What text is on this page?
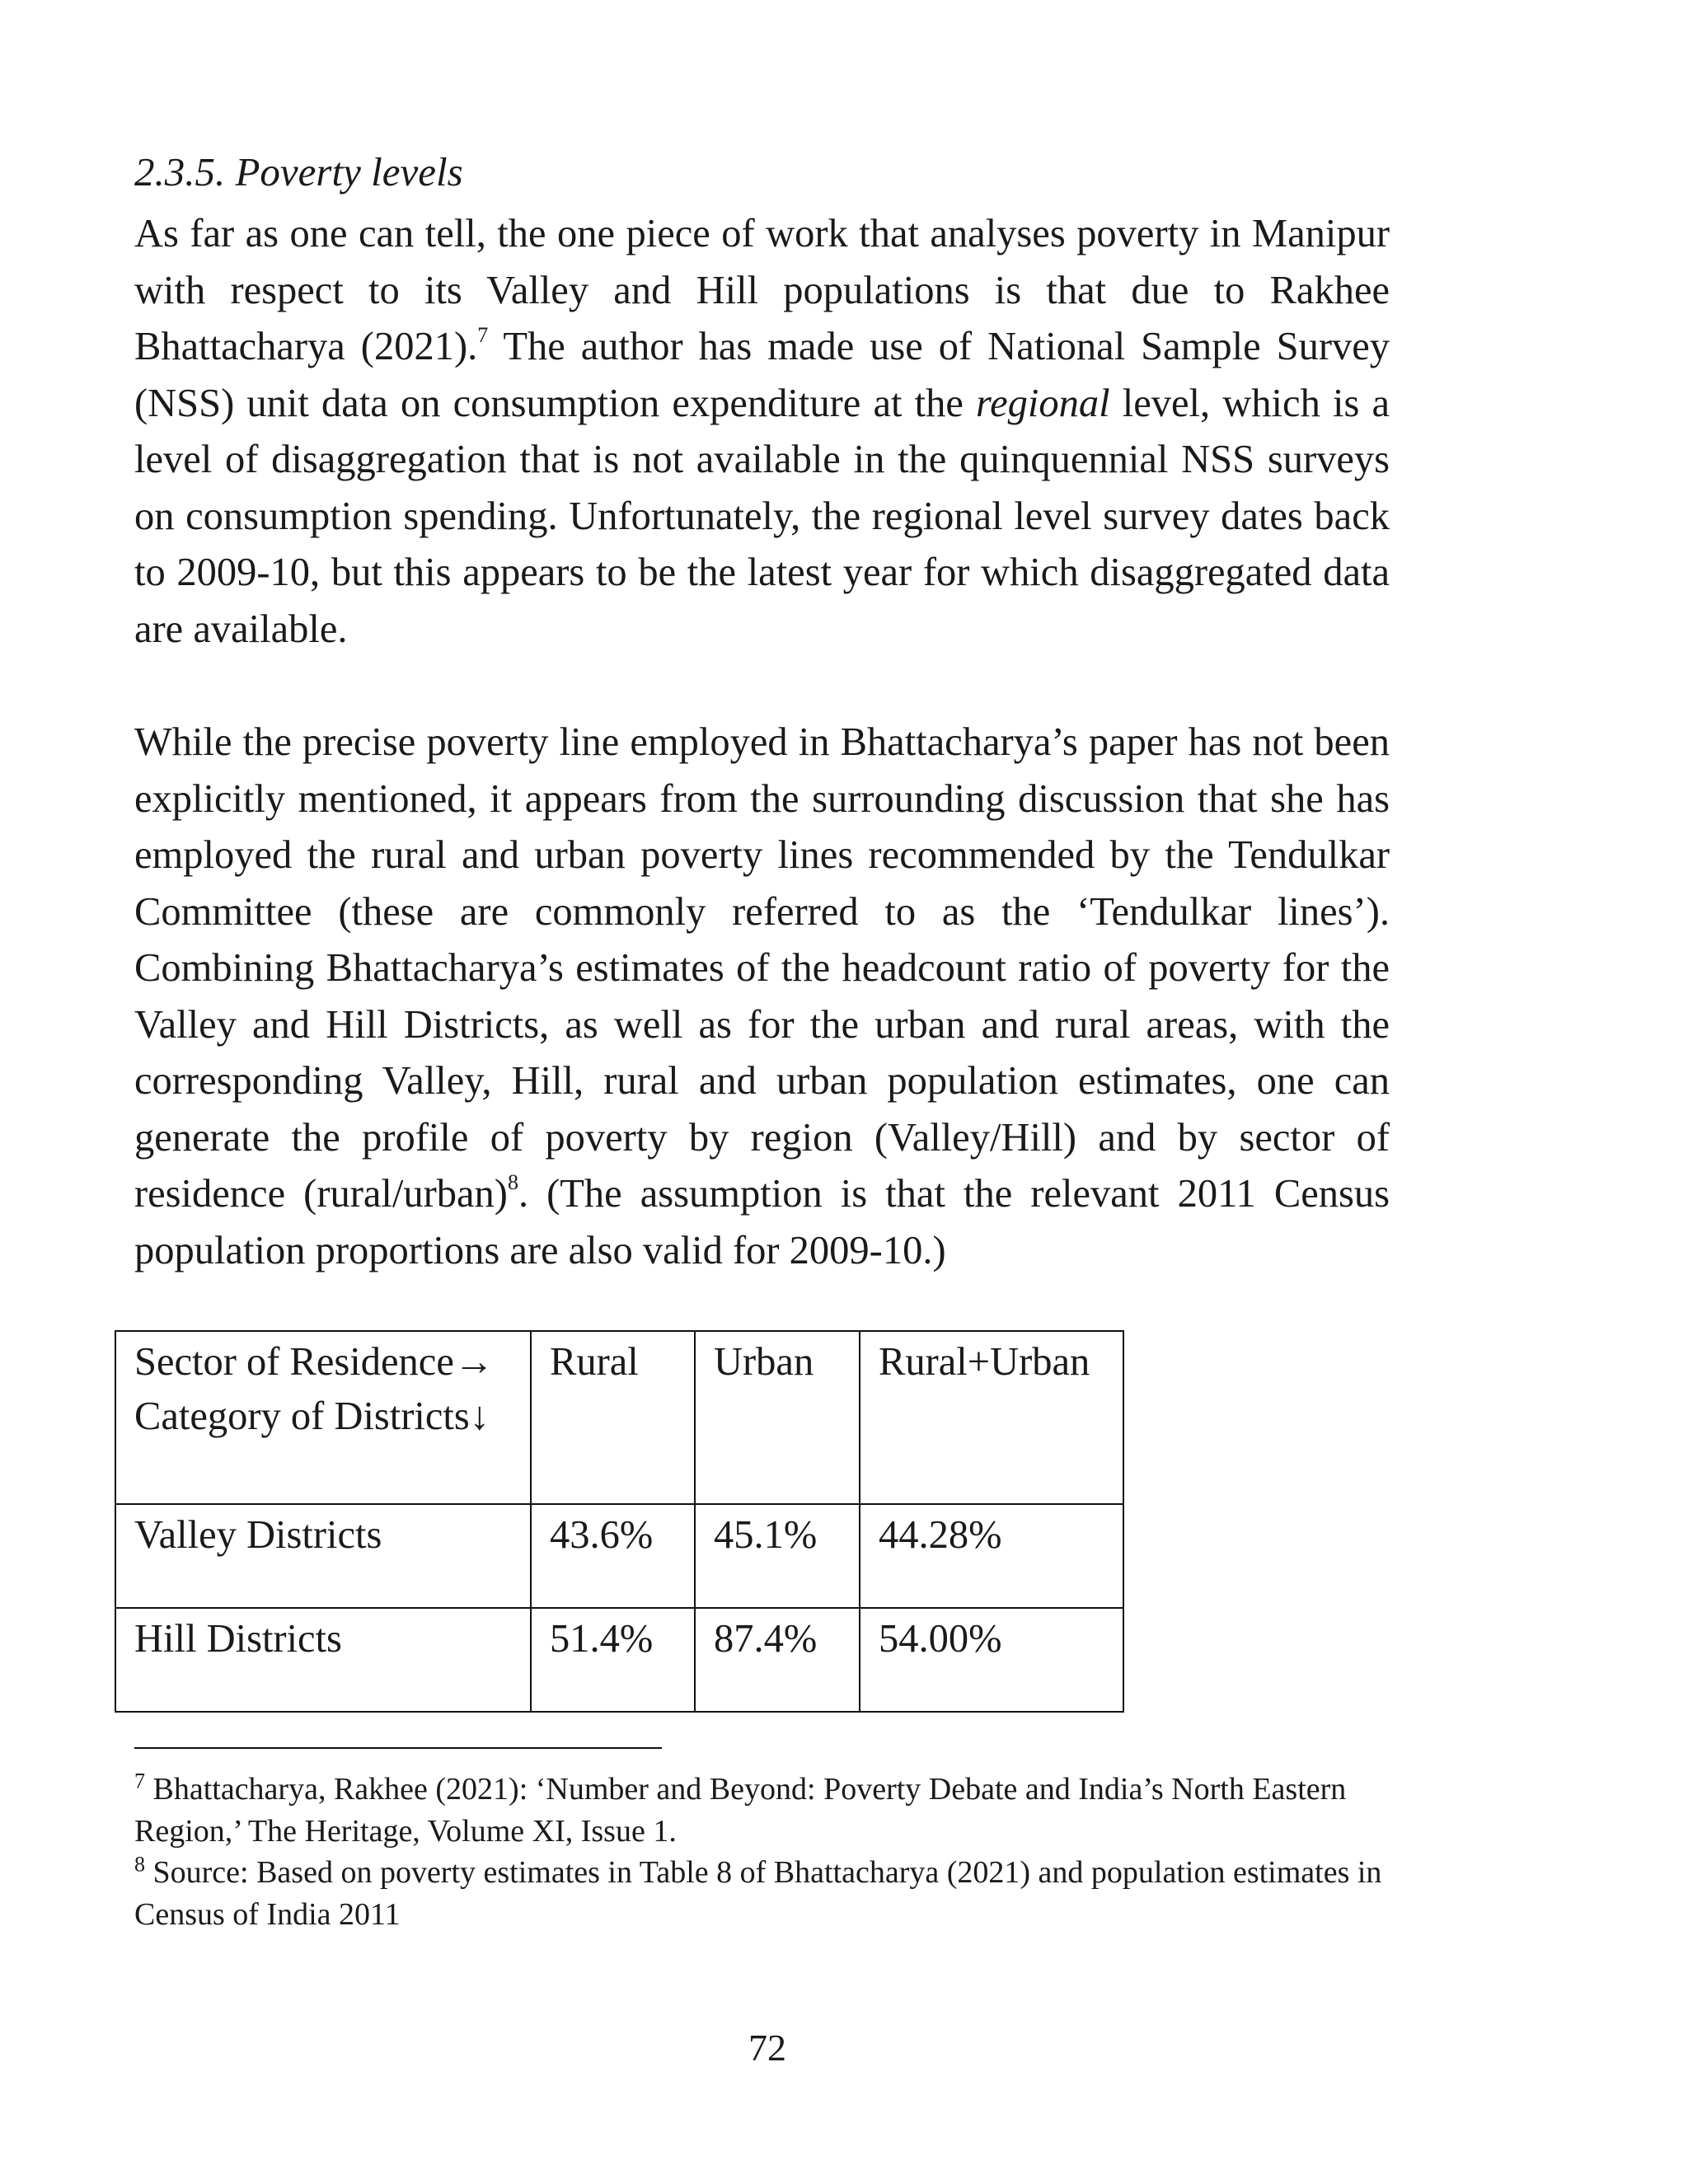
2.3.5. Poverty levels

As far as one can tell, the one piece of work that analyses poverty in Manipur with respect to its Valley and Hill populations is that due to Rakhee Bhattacharya (2021).$^7$ The author has made use of National Sample Survey (NSS) unit data on consumption expenditure at the regional level, which is a level of disaggregation that is not available in the quinquennial NSS surveys on consumption spending. Unfortunately, the regional level survey dates back to 2009-10, but this appears to be the latest year for which disaggregated data are available.

While the precise poverty line employed in Bhattacharya’s paper has not been explicitly mentioned, it appears from the surrounding discussion that she has employed the rural and urban poverty lines recommended by the Tendulkar Committee (these are commonly referred to as the ‘Tendulkar lines’). Combining Bhattacharya’s estimates of the headcount ratio of poverty for the Valley and Hill Districts, as well as for the urban and rural areas, with the corresponding Valley, Hill, rural and urban population estimates, one can generate the profile of poverty by region (Valley/Hill) and by sector of residence (rural/urban)$^8$. (The assumption is that the relevant 2011 Census population proportions are also valid for 2009-10.)

Sector of Residence→
Category of Districts↓	Rural	Urban	Rural+Urban
Valley Districts	43.6%	45.1%	44.28%
Hill Districts	51.4%	87.4%	54.00%

$^7$ Bhattacharya, Rakhee (2021): ‘Number and Beyond: Poverty Debate and India’s North Eastern Region,’ The Heritage, Volume XI, Issue 1.

$^8$ Source: Based on poverty estimates in Table 8 of Bhattacharya (2021) and population estimates in Census of India 2011

72
